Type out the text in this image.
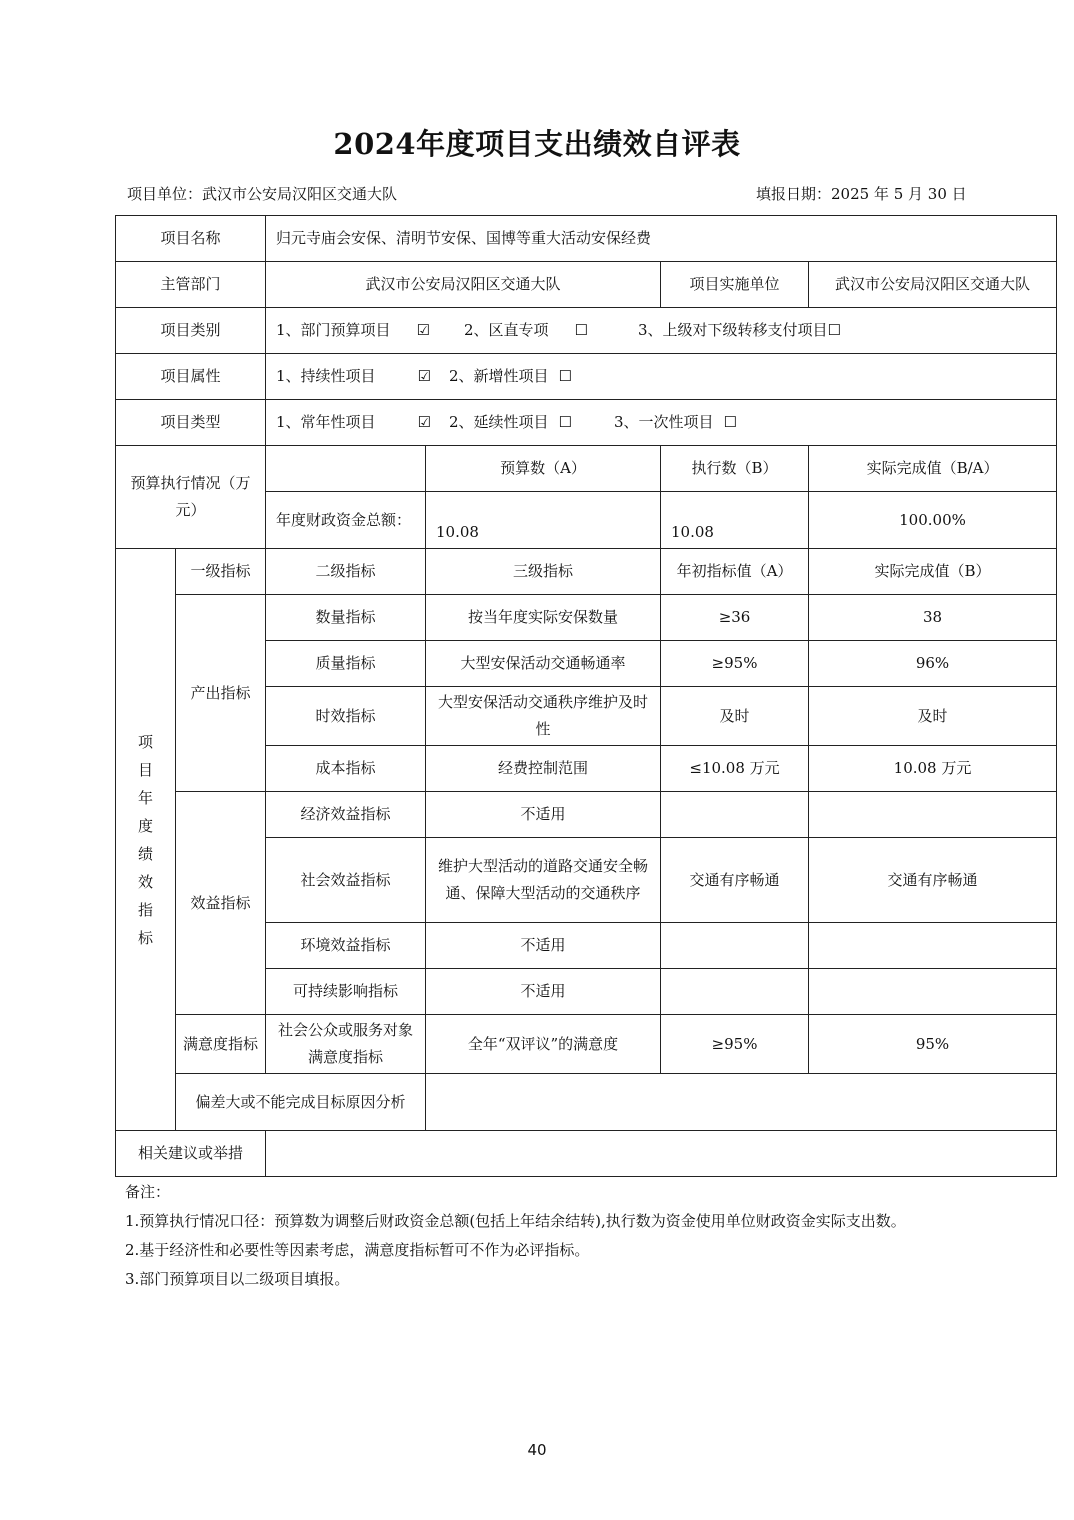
2024年度项目支出绩效自评表
项目单位：武汉市公安局汉阳区交通大队	填报日期：2025 年 5 月 30 日
项目名称		归元寺庙会安保、清明节安保、国博等重大活动安保经费			
主管部门		武汉市公安局汉阳区交通大队		项目实施单位	武汉市公安局汉阳区交通大队
项目类别		1、部门预算项目 ☑ 2、区直专项 ☐ 3、上级对下级转移支付项目☐			
项目属性		1、持续性项目 ☑ 2、新增性项目 ☐			
项目类型		1、常年性项目 ☑ 2、延续性项目 ☐ 3、一次性项目 ☐			
预算执行情况（万元）			预算数（A）	执行数（B）	实际完成值（B/A）
		年度财政资金总额：	10.08	10.08	100.00%
项目年度绩效指标	一级指标	二级指标	三级指标	年初指标值（A）	实际完成值（B）
	产出指标	数量指标	按当年度实际安保数量	≥36	38
		质量指标	大型安保活动交通畅通率	≥95%	96%
		时效指标	大型安保活动交通秩序维护及时性	及时	及时
		成本指标	经费控制范围	≤10.08 万元	10.08 万元
	效益指标	经济效益指标	不适用		
		社会效益指标	维护大型活动的道路交通安全畅通、保障大型活动的交通秩序	交通有序畅通	交通有序畅通
		环境效益指标	不适用		
		可持续影响指标	不适用		
	满意度指标	社会公众或服务对象满意度指标	全年“双评议”的满意度	≥95%	95%
	偏差大或不能完成目标原因分析				
相关建议或举措					
备注：
1.预算执行情况口径：预算数为调整后财政资金总额(包括上年结余结转),执行数为资金使用单位财政资金实际支出数。
2.基于经济性和必要性等因素考虑，满意度指标暂可不作为必评指标。
3.部门预算项目以二级项目填报。
40
